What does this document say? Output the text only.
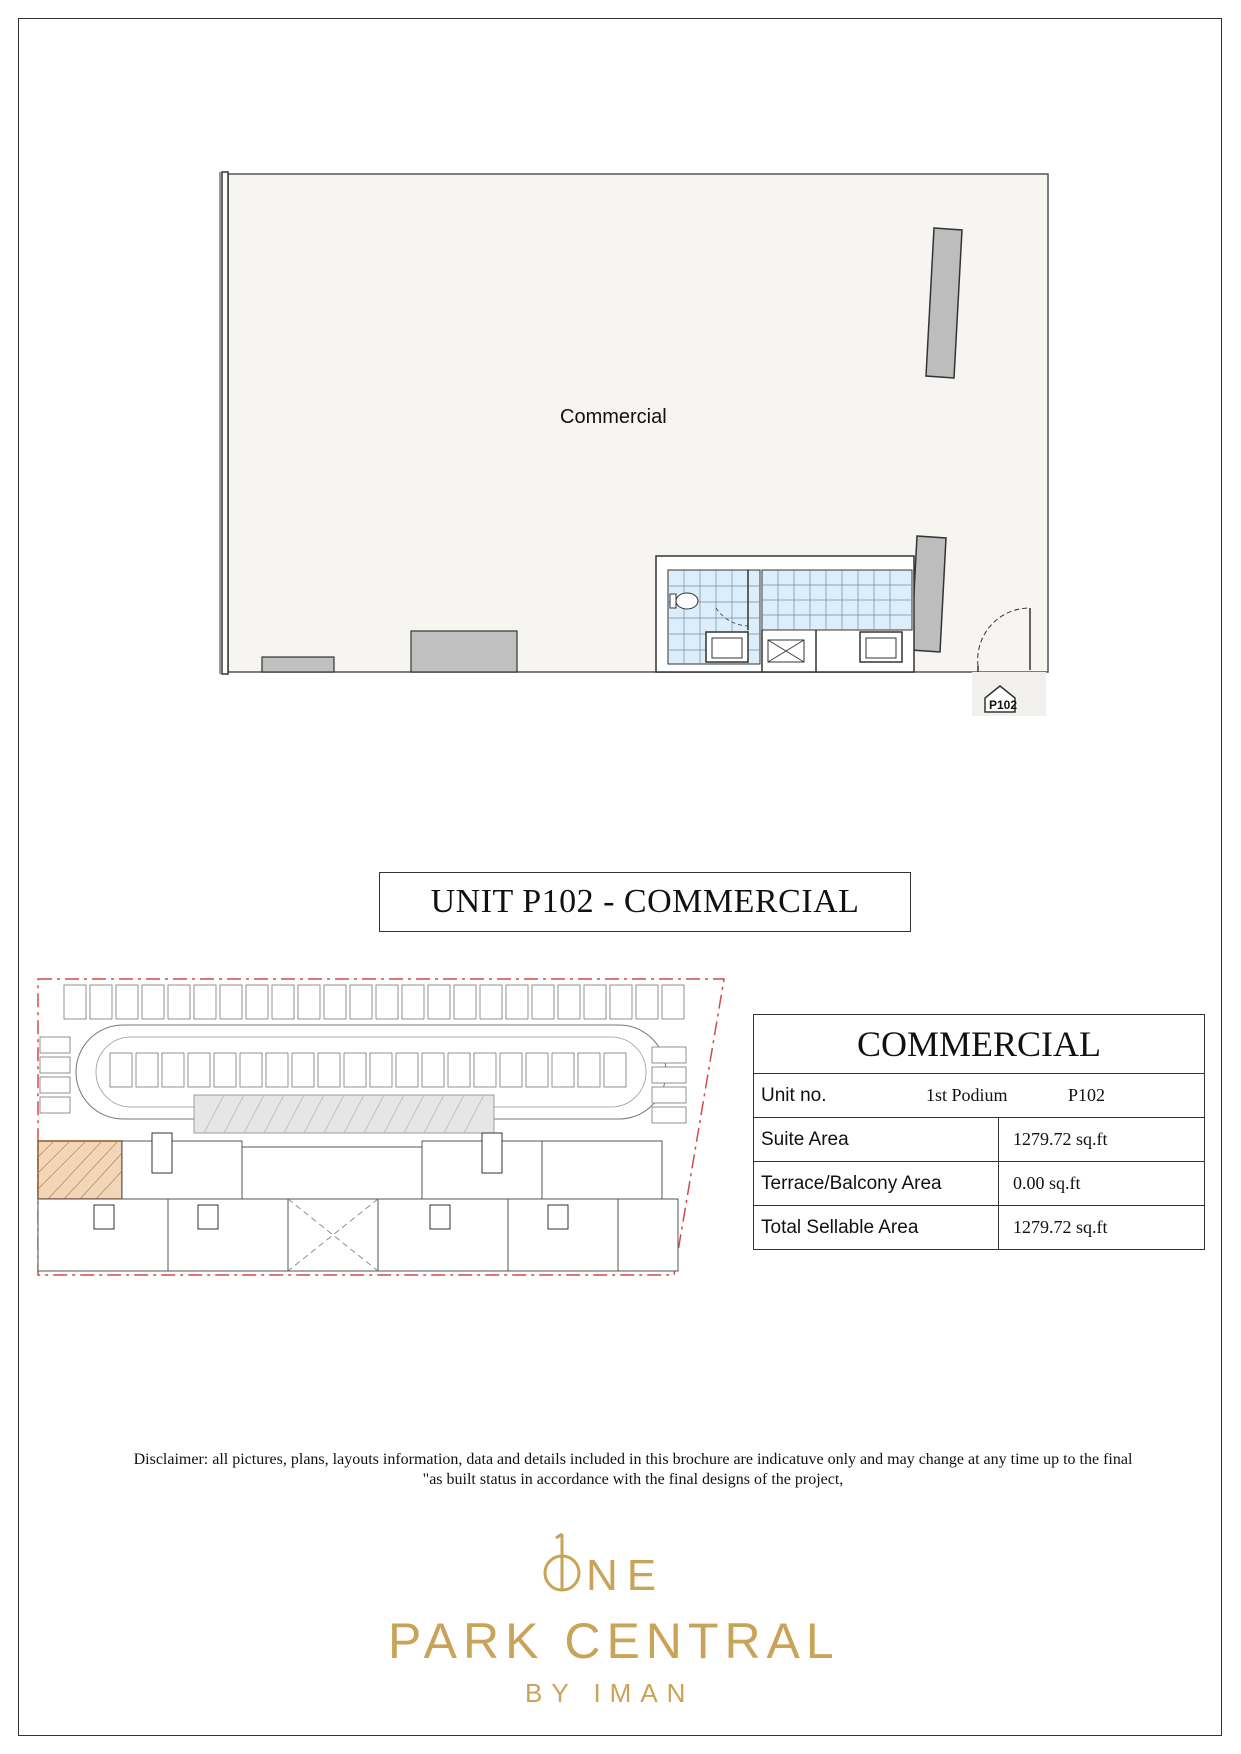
Commercial
P102
UNIT P102 - COMMERCIAL
COMMERCIAL	

Unit no. 1st Podium P102	

Suite Area	1279.72 sq.ft
Terrace/Balcony Area	0.00 sq.ft
Total Sellable Area	1279.72 sq.ft
Disclaimer: all pictures, plans, layouts information, data and details included in this brochure are indicatuve only and may change at any time up to the final
"as built status in accordance with the final designs of the project,
NE
PARK CENTRAL
BY IMAN
